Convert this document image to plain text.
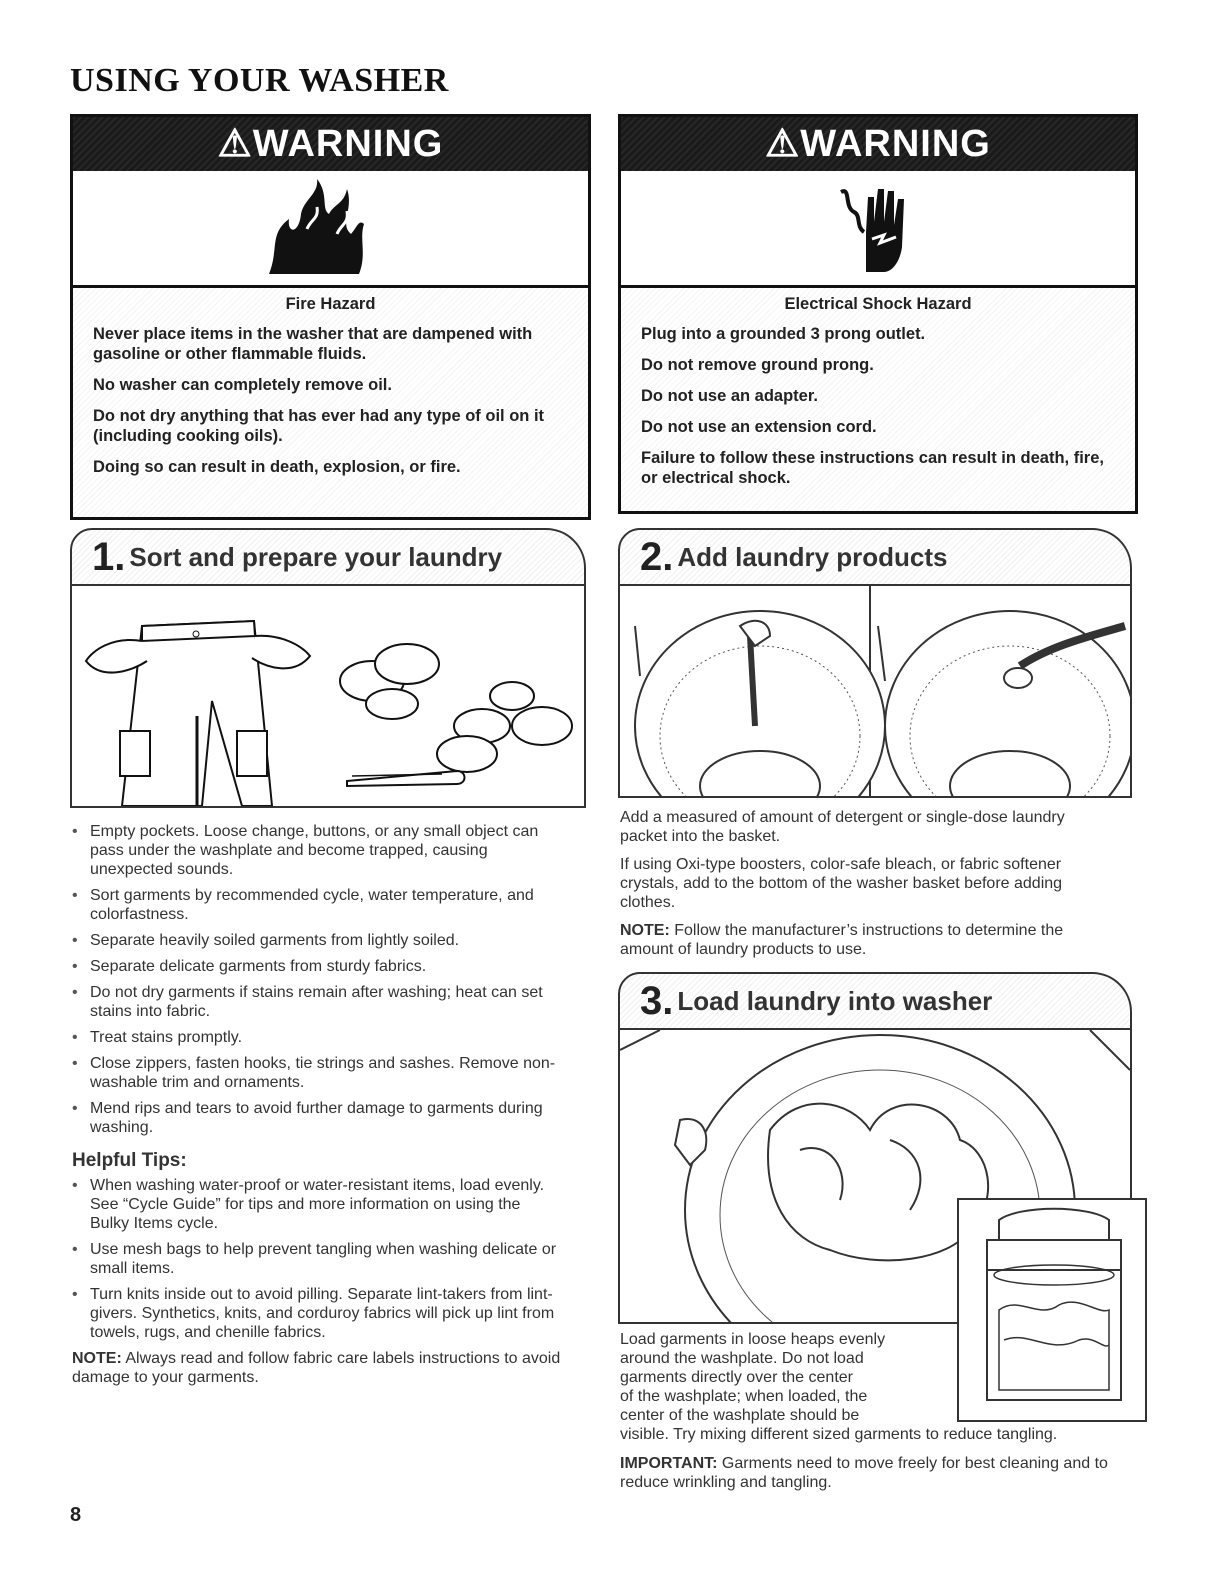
USING YOUR WASHER
⚠WARNING
Fire Hazard

Never place items in the washer that are dampened with gasoline or other flammable fluids.

No washer can completely remove oil.

Do not dry anything that has ever had any type of oil on it (including cooking oils).

Doing so can result in death, explosion, or fire.

⚠WARNING
Electrical Shock Hazard

Plug into a grounded 3 prong outlet.

Do not remove ground prong.

Do not use an adapter.

Do not use an extension cord.

Failure to follow these instructions can result in death, fire, or electrical shock.

1. Sort and prepare your laundry
• Empty pockets. Loose change, buttons, or any small object can pass under the washplate and become trapped, causing unexpected sounds.
• Sort garments by recommended cycle, water temperature, and colorfastness.
• Separate heavily soiled garments from lightly soiled.
• Separate delicate garments from sturdy fabrics.
• Do not dry garments if stains remain after washing; heat can set stains into fabric.
• Treat stains promptly.
• Close zippers, fasten hooks, tie strings and sashes. Remove non-washable trim and ornaments.
• Mend rips and tears to avoid further damage to garments during washing.
Helpful Tips:
• When washing water-proof or water-resistant items, load evenly. See “Cycle Guide” for tips and more information on using the Bulky Items cycle.
• Use mesh bags to help prevent tangling when washing delicate or small items.
• Turn knits inside out to avoid pilling. Separate lint-takers from lint-givers. Synthetics, knits, and corduroy fabrics will pick up lint from towels, rugs, and chenille fabrics.

NOTE: Always read and follow fabric care labels instructions to avoid damage to your garments.

2. Add laundry products

Add a measured of amount of detergent or single-dose laundry packet into the basket.

If using Oxi-type boosters, color-safe bleach, or fabric softener crystals, add to the bottom of the washer basket before adding clothes.

NOTE: Follow the manufacturer’s instructions to determine the amount of laundry products to use.

3. Load laundry into washer
Load garments in loose heaps evenly
around the washplate. Do not load
garments directly over the center
of the washplate; when loaded, the
center of the washplate should be
visible. Try mixing different sized garments to reduce tangling.

IMPORTANT: Garments need to move freely for best cleaning and to reduce wrinkling and tangling.

8
